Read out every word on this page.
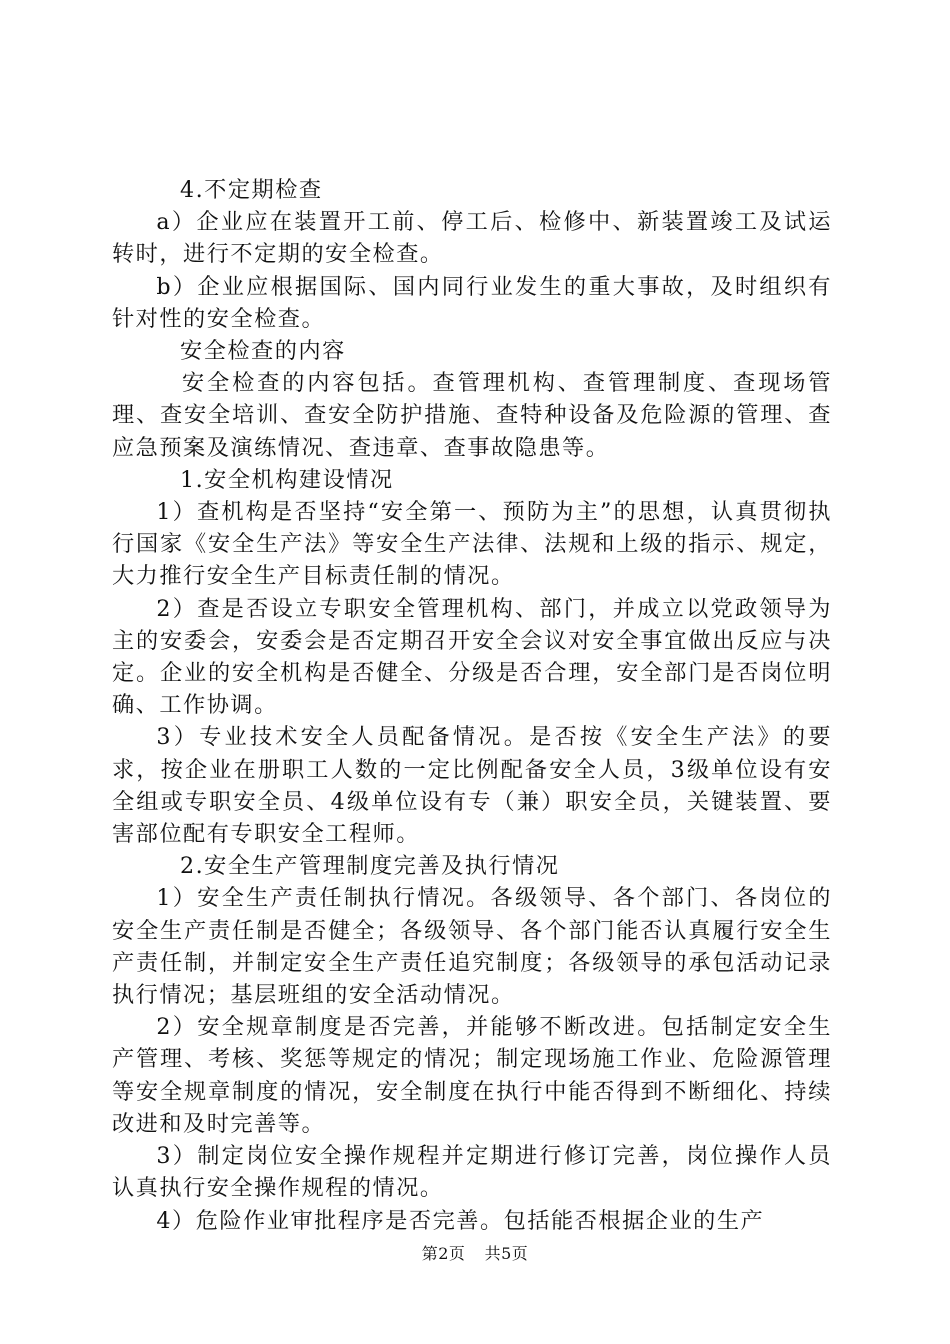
4.不定期检查

a）企业应在装置开工前、停工后、检修中、新装置竣工及试运转时，进行不定期的安全检查。

b）企业应根据国际、国内同行业发生的重大事故，及时组织有针对性的安全检查。

安全检查的内容

安全检查的内容包括。查管理机构、查管理制度、查现场管理、查安全培训、查安全防护措施、查特种设备及危险源的管理、查应急预案及演练情况、查违章、查事故隐患等。

1.安全机构建设情况

1）查机构是否坚持“安全第一、预防为主”的思想，认真贯彻执行国家《安全生产法》等安全生产法律、法规和上级的指示、规定，大力推行安全生产目标责任制的情况。

2）查是否设立专职安全管理机构、部门，并成立以党政领导为主的安委会，安委会是否定期召开安全会议对安全事宜做出反应与决定。企业的安全机构是否健全、分级是否合理，安全部门是否岗位明确、工作协调。

3）专业技术安全人员配备情况。是否按《安全生产法》的要求，按企业在册职工人数的一定比例配备安全人员，3级单位设有安全组或专职安全员、4级单位设有专（兼）职安全员，关键装置、要害部位配有专职安全工程师。

2.安全生产管理制度完善及执行情况

1）安全生产责任制执行情况。各级领导、各个部门、各岗位的安全生产责任制是否健全；各级领导、各个部门能否认真履行安全生产责任制，并制定安全生产责任追究制度；各级领导的承包活动记录执行情况；基层班组的安全活动情况。

2）安全规章制度是否完善，并能够不断改进。包括制定安全生产管理、考核、奖惩等规定的情况；制定现场施工作业、危险源管理等安全规章制度的情况，安全制度在执行中能否得到不断细化、持续改进和及时完善等。

3）制定岗位安全操作规程并定期进行修订完善，岗位操作人员认真执行安全操作规程的情况。

4）危险作业审批程序是否完善。包括能否根据企业的生产

第2页 共5页
